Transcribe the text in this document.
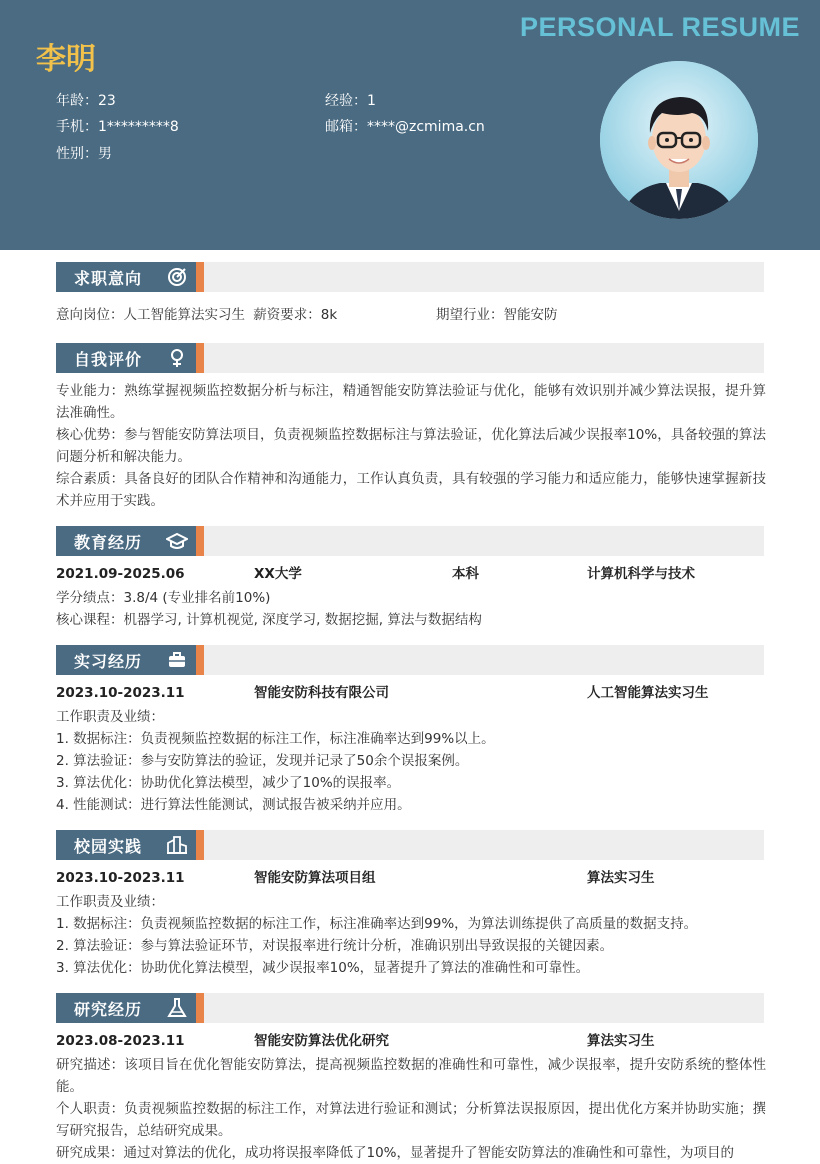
PERSONAL RESUME
李明
年龄：23
手机：1*********8
性别：男
经验：1
邮箱：****@zcmima.cn
求职意向
意向岗位：人工智能算法实习生 薪资要求：8k	期望行业：智能安防
自我评价
专业能力：熟练掌握视频监控数据分析与标注，精通智能安防算法验证与优化，能够有效识别并减少算法误报，提升算法准确性。
核心优势：参与智能安防算法项目，负责视频监控数据标注与算法验证，优化算法后减少误报率10%，具备较强的算法问题分析和解决能力。
综合素质：具备良好的团队合作精神和沟通能力，工作认真负责，具有较强的学习能力和适应能力，能够快速掌握新技术并应用于实践。
教育经历
2021.09-2025.06	XX大学	本科	计算机科学与技术
学分绩点：3.8/4 (专业排名前10%)
核心课程：机器学习, 计算机视觉, 深度学习, 数据挖掘, 算法与数据结构
实习经历
2023.10-2023.11	智能安防科技有限公司	人工智能算法实习生
工作职责及业绩：
1. 数据标注：负责视频监控数据的标注工作，标注准确率达到99%以上。
2. 算法验证：参与安防算法的验证，发现并记录了50余个误报案例。
3. 算法优化：协助优化算法模型，减少了10%的误报率。
4. 性能测试：进行算法性能测试，测试报告被采纳并应用。
校园实践
2023.10-2023.11	智能安防算法项目组	算法实习生
工作职责及业绩：
1. 数据标注：负责视频监控数据的标注工作，标注准确率达到99%，为算法训练提供了高质量的数据支持。
2. 算法验证：参与算法验证环节，对误报率进行统计分析，准确识别出导致误报的关键因素。
3. 算法优化：协助优化算法模型，减少误报率10%，显著提升了算法的准确性和可靠性。
研究经历
2023.08-2023.11	智能安防算法优化研究	算法实习生
研究描述：该项目旨在优化智能安防算法，提高视频监控数据的准确性和可靠性，减少误报率，提升安防系统的整体性能。
个人职责：负责视频监控数据的标注工作，对算法进行验证和测试；分析算法误报原因，提出优化方案并协助实施；撰写研究报告，总结研究成果。
研究成果：通过对算法的优化，成功将误报率降低了10%，显著提升了智能安防算法的准确性和可靠性，为项目的
